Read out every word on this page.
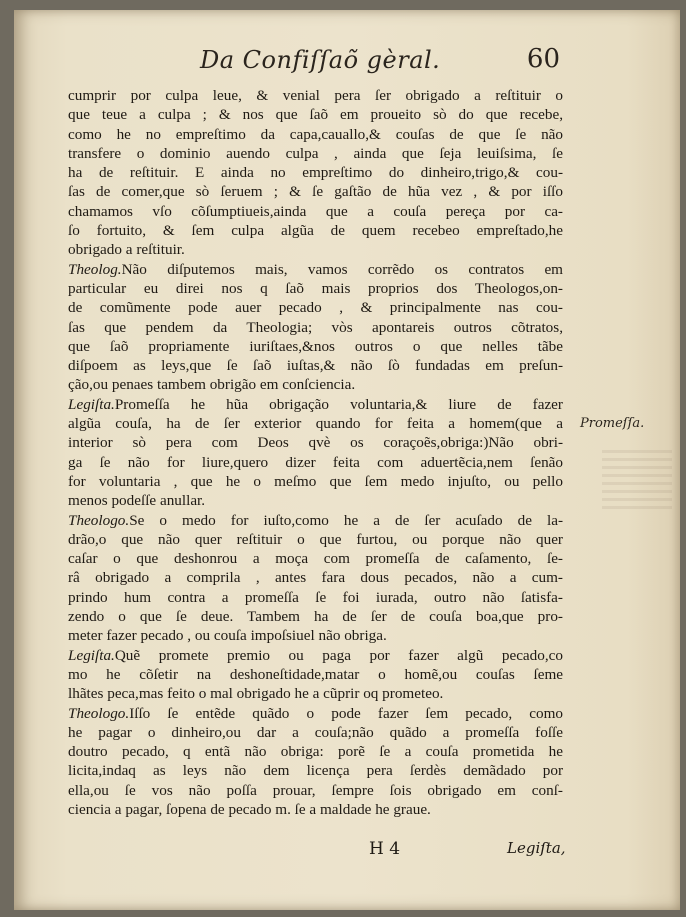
Da Confiſſaõ gèral.	60
cumprir por culpa leue, & venial pera ſer obrigado a reſtituir o
que teue a culpa ; & nos que ſaõ em proueito sò do que recebe,
como he no empreſtimo da capa,cauallo,& couſas de que ſe não
transfere o dominio auendo culpa , ainda que ſeja leuiſsima, ſe
ha de reſtituir. E ainda no empreſtimo do dinheiro,trigo,& cou-
ſas de comer,que sò ſeruem ; & ſe gaſtão de hũa vez , & por iſſo
chamamos vſo cõſumptiueis,ainda que a couſa pereça por ca-
ſo fortuito, & ſem culpa algũa de quem recebeo empreſtado,he
obrigado a reſtituir.
Theolog.Não diſputemos mais, vamos corrẽdo os contratos em
particular eu direi nos q ſaõ mais proprios dos Theologos,on-
de comũmente pode auer pecado , & principalmente nas cou-
ſas que pendem da Theologia; vòs apontareis outros cõtratos,
que ſaõ propriamente iuriſtaes,&nos outros o que nelles tãbe
diſpoem as leys,que ſe ſaõ iuſtas,& não ſò fundadas em preſun-
ção,ou penaes tambem obrigão em conſciencia.
Legiſta.Promeſſa he hũa obrigação voluntaria,& liure de fazer
algũa couſa, ha de ſer exterior quando for feita a homem(que a
interior sò pera com Deos qvè os coraçoẽs,obriga:)Não obri-
ga ſe não for liure,quero dizer feita com aduertẽcia,nem ſenão
for voluntaria , que he o meſmo que ſem medo injuſto, ou pello
menos podeſſe anullar.
Theologo.Se o medo for iuſto,como he a de ſer acuſado de la-
drão,o que não quer reſtituir o que furtou, ou porque não quer
caſar o que deshonrou a moça com promeſſa de caſamento, ſe-
râ obrigado a comprila , antes fara dous pecados, não a cum-
prindo hum contra a promeſſa ſe foi iurada, outro não ſatisfa-
zendo o que ſe deue. Tambem ha de ſer de couſa boa,que pro-
meter fazer pecado , ou couſa impoſsiuel não obriga.
Legiſta.Quẽ promete premio ou paga por fazer algũ pecado,co
mo he cõſetir na deshoneſtidade,matar o homẽ,ou couſas ſeme
lhãtes peca,mas feito o mal obrigado he a cũprir oq prometeo.
Theologo.Iſſo ſe entẽde quãdo o pode fazer ſem pecado, como
he pagar o dinheiro,ou dar a couſa;não quãdo a promeſſa foſſe
doutro pecado, q entã não obriga: porẽ ſe a couſa prometida he
licita,indaq as leys não dem licença pera ſerdès demãdado por
ella,ou ſe vos não poſſa prouar, ſempre ſois obrigado em conſ-
ciencia a pagar, ſopena de pecado m. ſe a maldade he graue.
Promeſſa.
H 4	Legiſta,
